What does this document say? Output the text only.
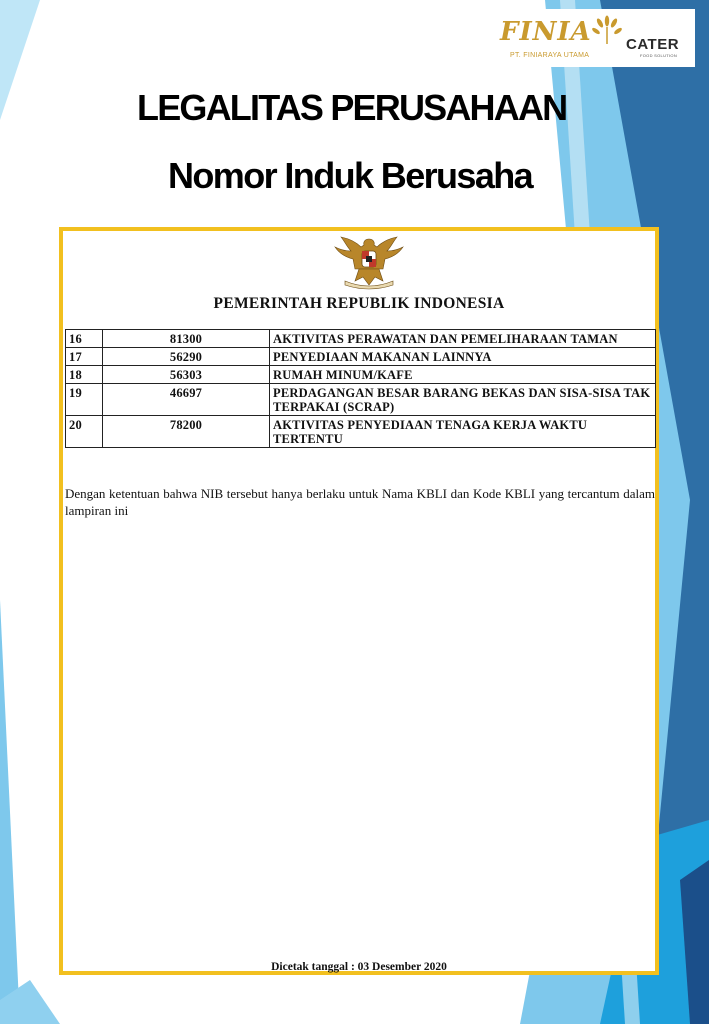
FINIA CATER
FOOD SOLUTION
PT. FINIARAYA UTAMA
LEGALITAS PERUSAHAAN
Nomor Induk Berusaha
PEMERINTAH REPUBLIK INDONESIA
16	81300	AKTIVITAS PERAWATAN DAN PEMELIHARAAN TAMAN
17	56290	PENYEDIAAN MAKANAN LAINNYA
18	56303	RUMAH MINUM/KAFE
19	46697	PERDAGANGAN BESAR BARANG BEKAS DAN SISA-SISA TAK TERPAKAI (SCRAP)
20	78200	AKTIVITAS PENYEDIAAN TENAGA KERJA WAKTU TERTENTU
Dengan ketentuan bahwa NIB tersebut hanya berlaku untuk Nama KBLI dan Kode KBLI yang tercantum dalam lampiran ini
Dicetak tanggal : 03 Desember 2020
